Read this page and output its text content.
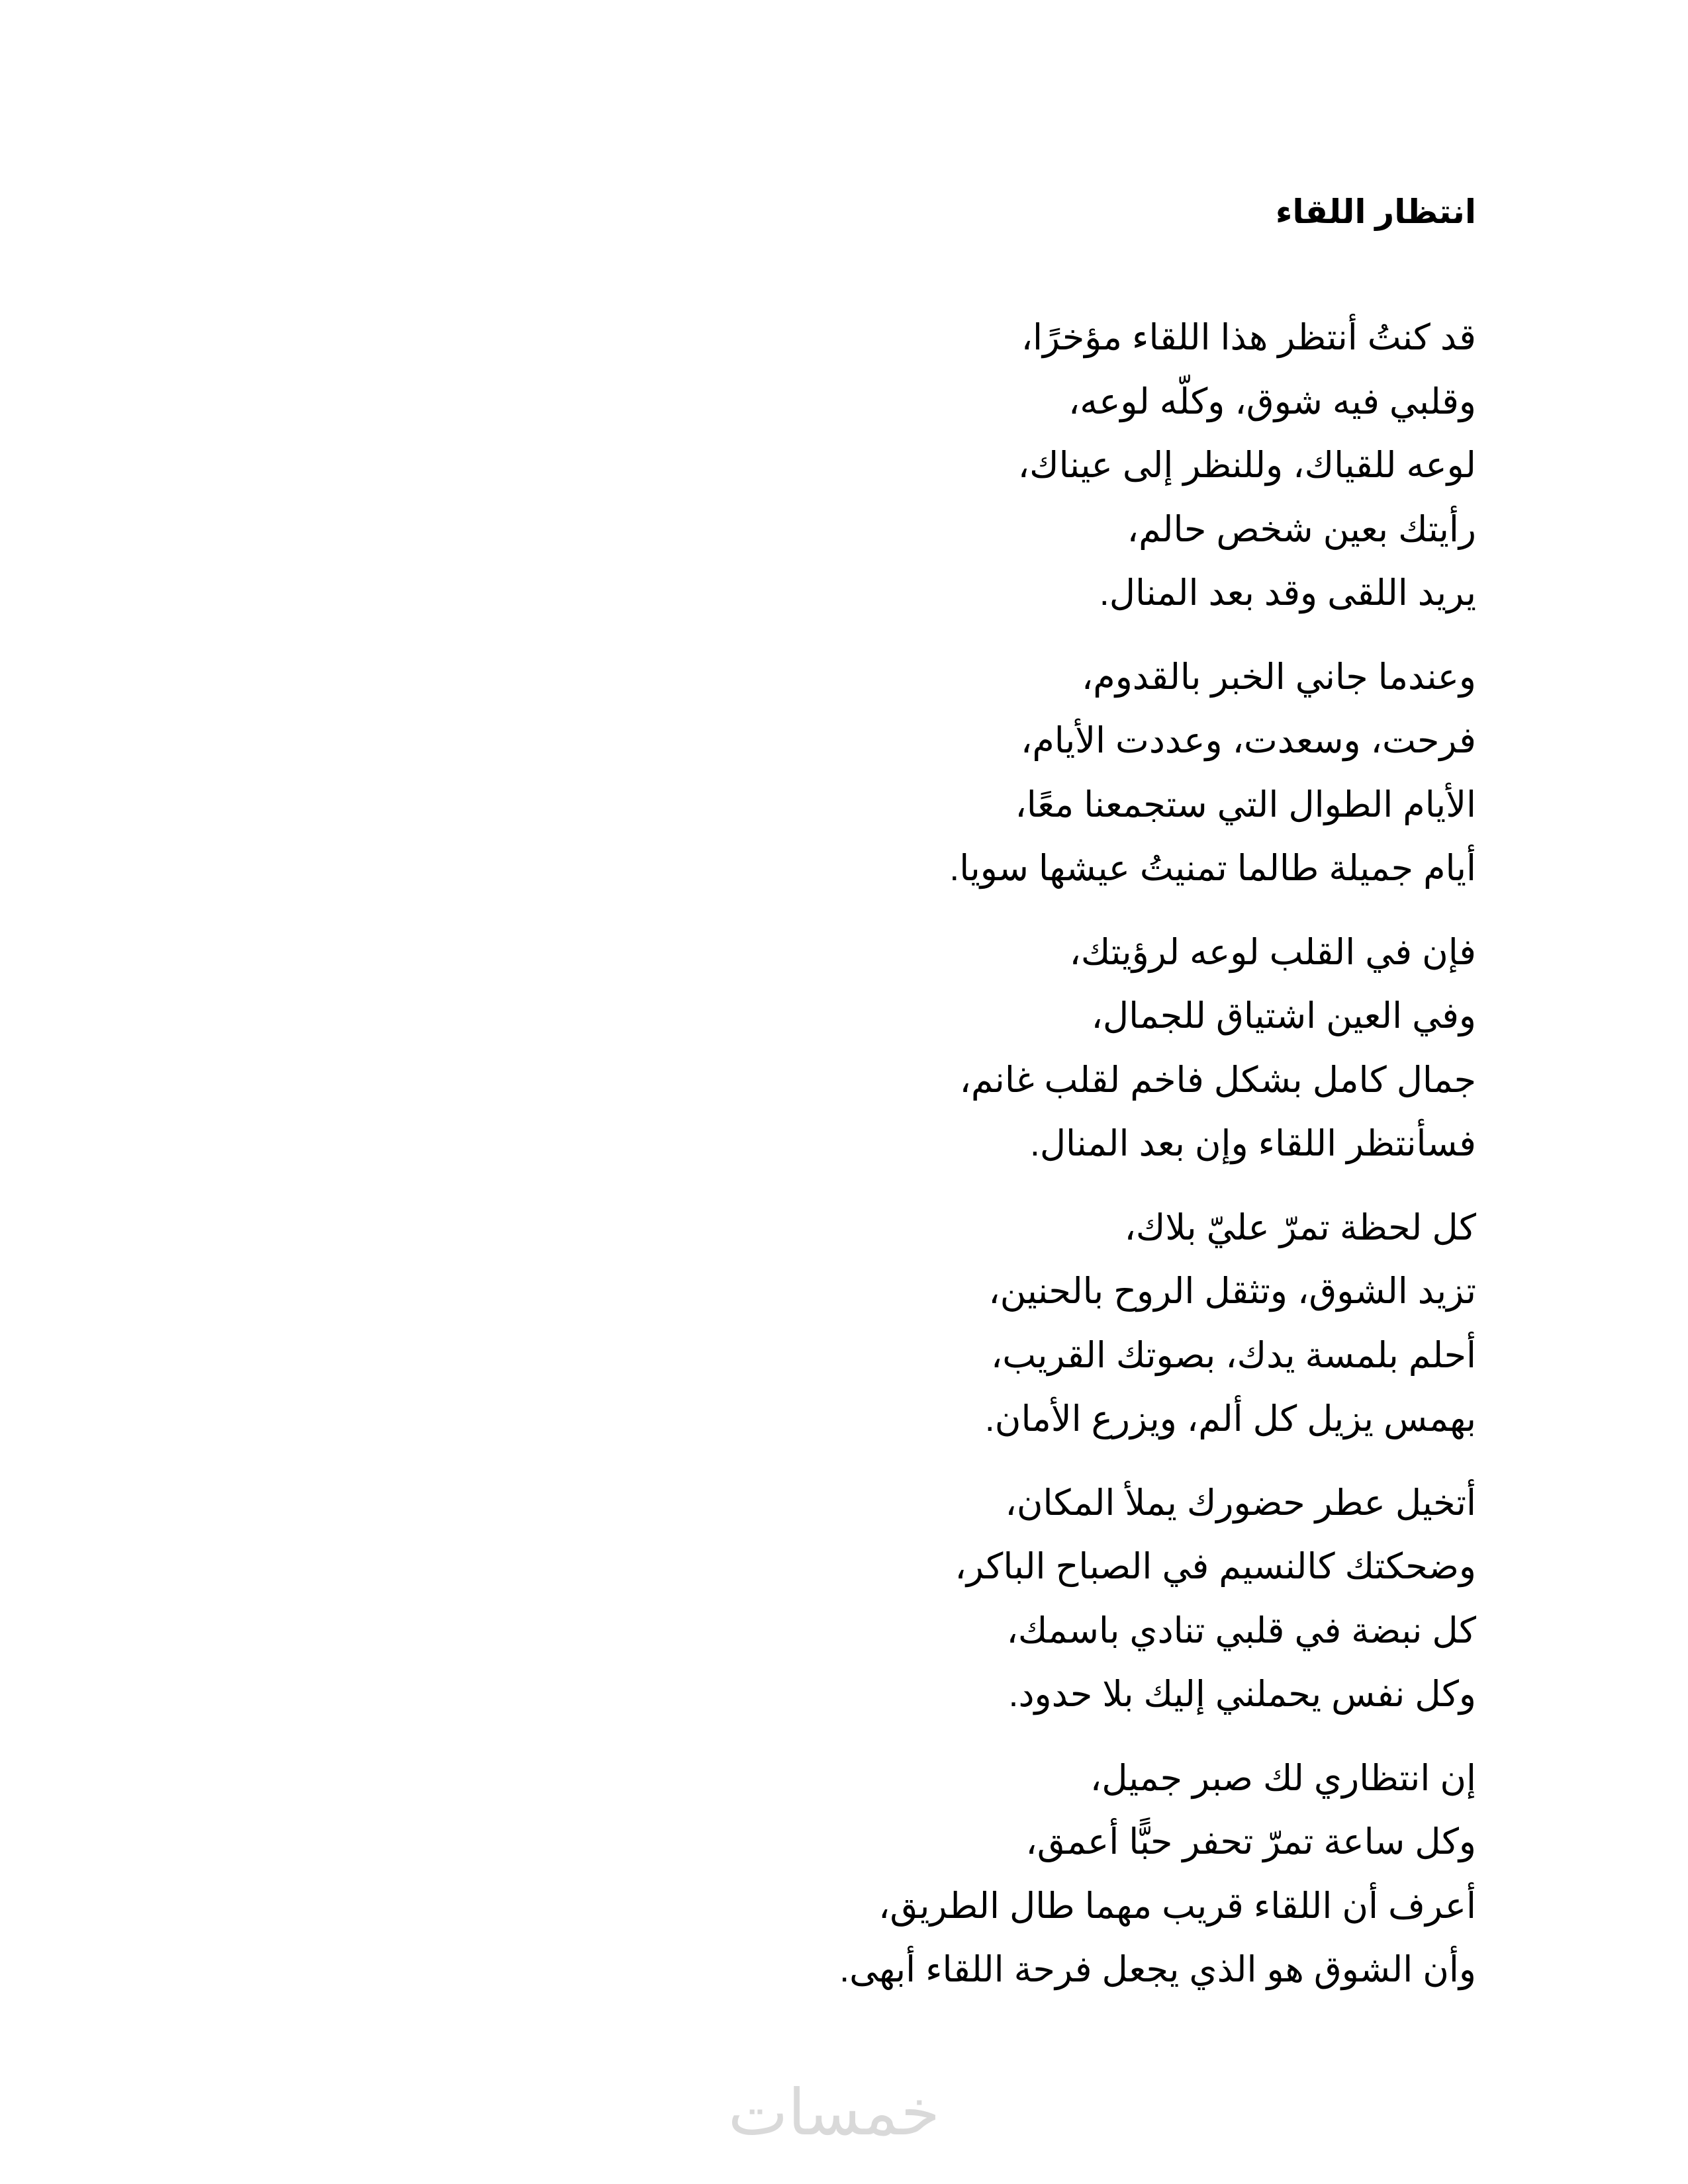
انتظار اللقاء
قد كنتُ أنتظر هذا اللقاء مؤخرًا،
وقلبي فيه شوق، وكلّه لوعه،
لوعه للقياك، وللنظر إلى عيناك،
رأيتك بعين شخص حالم،
يريد اللقى وقد بعد المنال.
وعندما جاني الخبر بالقدوم،
فرحت، وسعدت، وعددت الأيام،
الأيام الطوال التي ستجمعنا معًا،
أيام جميلة طالما تمنيتُ عيشها سويا.
فإن في القلب لوعه لرؤيتك،
وفي العين اشتياق للجمال،
جمال كامل بشكل فاخم لقلب غانم،
فسأنتظر اللقاء وإن بعد المنال.
كل لحظة تمرّ عليّ بلاك،
تزيد الشوق، وتثقل الروح بالحنين،
أحلم بلمسة يدك، بصوتك القريب،
بهمس يزيل كل ألم، ويزرع الأمان.
أتخيل عطر حضورك يملأ المكان،
وضحكتك كالنسيم في الصباح الباكر،
كل نبضة في قلبي تنادي باسمك،
وكل نفس يحملني إليك بلا حدود.
إن انتظاري لك صبر جميل،
وكل ساعة تمرّ تحفر حبًّا أعمق،
أعرف أن اللقاء قريب مهما طال الطريق،
وأن الشوق هو الذي يجعل فرحة اللقاء أبهى.
خمسات
